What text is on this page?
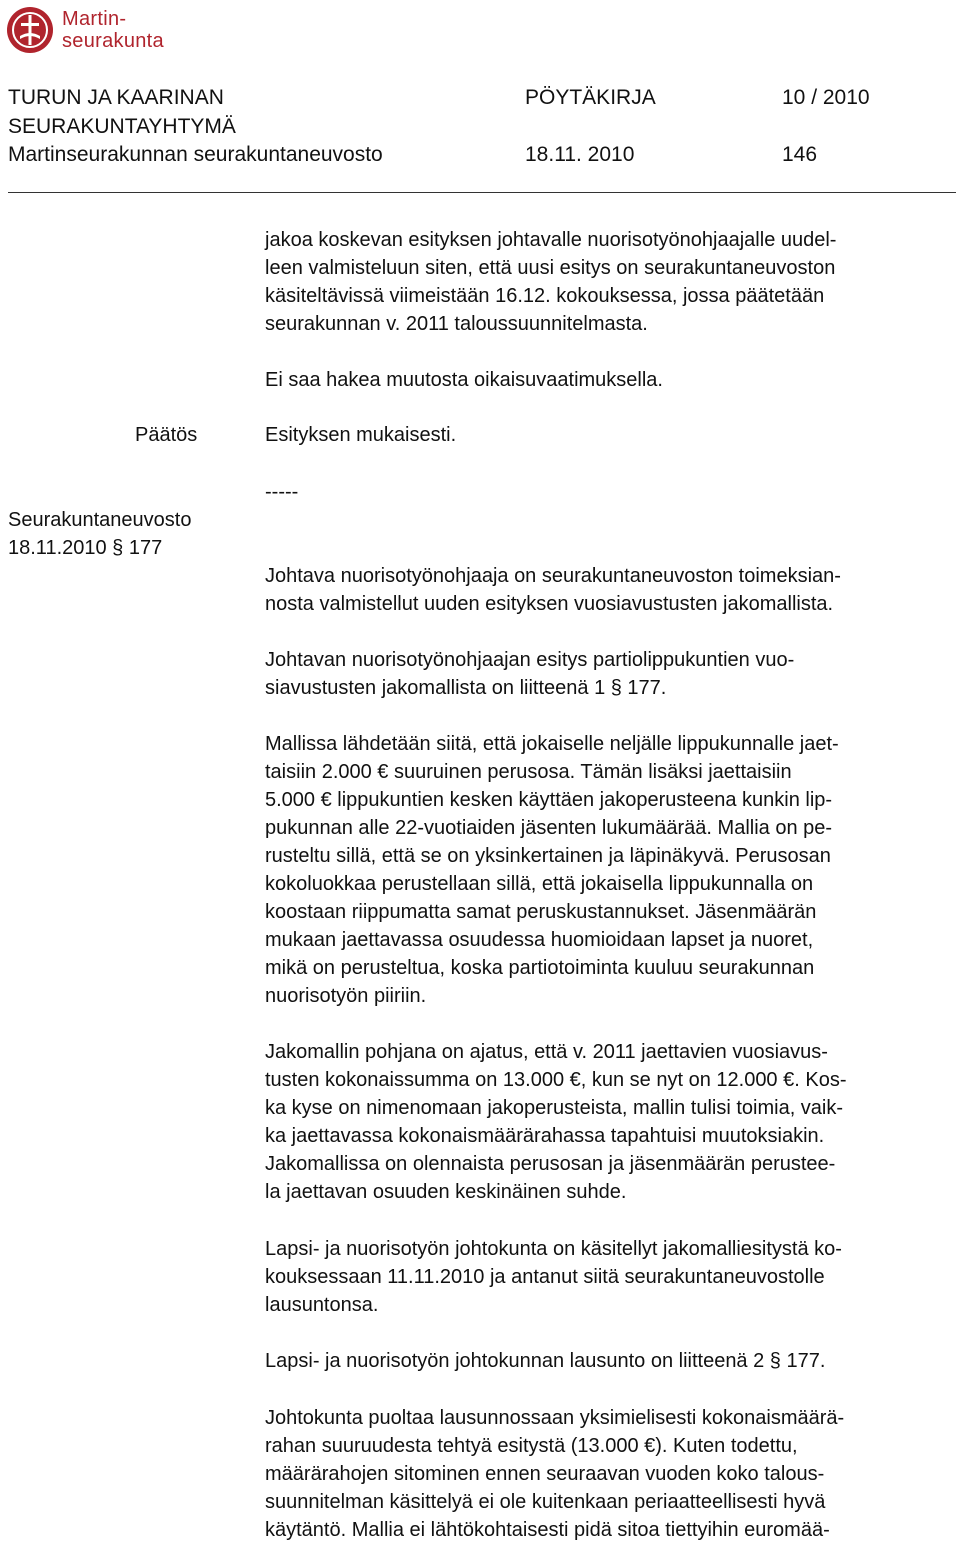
Martin-
seurakunta
TURUN JA KAARINAN
SEURAKUNTAYHTYMÄ
Martinseurakunnan seurakuntaneuvosto
PÖYTÄKIRJA	10 / 2010
18.11. 2010	146
Päätös
Seurakuntaneuvosto
18.11.2010 § 177
jakoa koskevan esityksen johtavalle nuorisotyönohjaajalle uudel-
leen valmisteluun siten, että uusi esitys on seurakuntaneuvoston
käsiteltävissä viimeistään 16.12. kokouksessa, jossa päätetään
seurakunnan v. 2011 taloussuunnitelmasta.
Ei saa hakea muutosta oikaisuvaatimuksella.
Esityksen mukaisesti.
-----
Johtava nuorisotyönohjaaja on seurakuntaneuvoston toimeksian-
nosta valmistellut uuden esityksen vuosiavustusten jakomallista.
Johtavan nuorisotyönohjaajan esitys partiolippukuntien vuo-
siavustusten jakomallista on liitteenä 1 § 177.
Mallissa lähdetään siitä, että jokaiselle neljälle lippukunnalle jaet-
taisiin 2.000 € suuruinen perusosa. Tämän lisäksi jaettaisiin
5.000 € lippukuntien kesken käyttäen jakoperusteena kunkin lip-
pukunnan alle 22-vuotiaiden jäsenten lukumäärää. Mallia on pe-
rusteltu sillä, että se on yksinkertainen ja läpinäkyvä. Perusosan
kokoluokkaa perustellaan sillä, että jokaisella lippukunnalla on
koostaan riippumatta samat peruskustannukset. Jäsenmäärän
mukaan jaettavassa osuudessa huomioidaan lapset ja nuoret,
mikä on perusteltua, koska partiotoiminta kuuluu seurakunnan
nuorisotyön piiriin.
Jakomallin pohjana on ajatus, että v. 2011 jaettavien vuosiavus-
tusten kokonaissumma on 13.000 €, kun se nyt on 12.000 €. Kos-
ka kyse on nimenomaan jakoperusteista, mallin tulisi toimia, vaik-
ka jaettavassa kokonaismäärärahassa tapahtuisi muutoksiakin.
Jakomallissa on olennaista perusosan ja jäsenmäärän perustee-
la jaettavan osuuden keskinäinen suhde.
Lapsi- ja nuorisotyön johtokunta on käsitellyt jakomalliesitystä ko-
kouksessaan 11.11.2010 ja antanut siitä seurakuntaneuvostolle
lausuntonsa.
Lapsi- ja nuorisotyön johtokunnan lausunto on liitteenä 2 § 177.
Johtokunta puoltaa lausunnossaan yksimielisesti kokonaismäärä-
rahan suuruudesta tehtyä esitystä (13.000 €). Kuten todettu,
määrärahojen sitominen ennen seuraavan vuoden koko talous-
suunnitelman käsittelyä ei ole kuitenkaan periaatteellisesti hyvä
käytäntö. Mallia ei lähtökohtaisesti pidä sitoa tiettyihin euromää-
